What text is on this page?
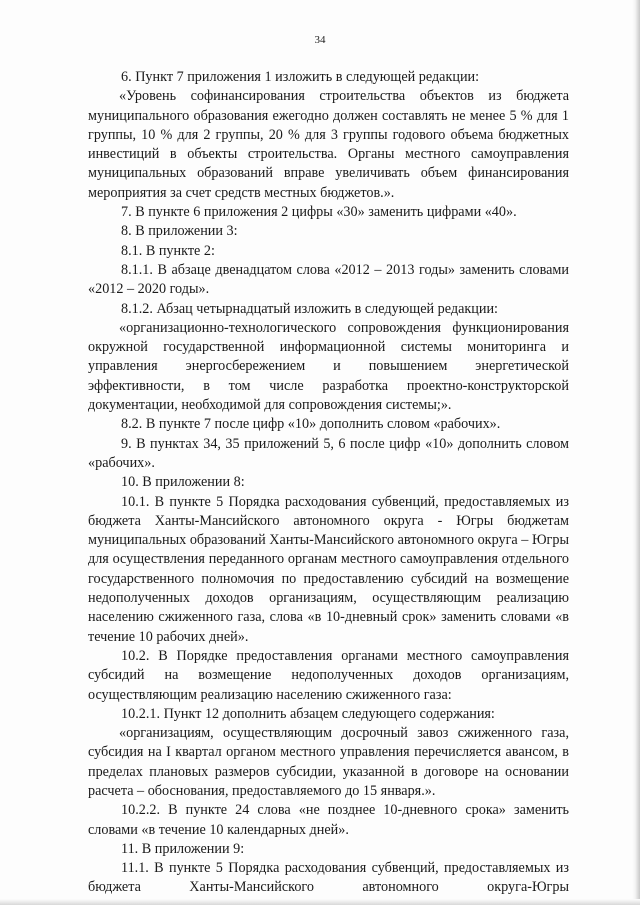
34

6. Пункт 7 приложения 1 изложить в следующей редакции:

«Уровень софинансирования строительства объектов из бюджета муниципального образования ежегодно должен составлять не менее 5 % для 1 группы, 10 % для 2 группы, 20 % для 3 группы годового объема бюджетных инвестиций в объекты строительства. Органы местного самоуправления муниципальных образований вправе увеличивать объем финансирования мероприятия за счет средств местных бюджетов.».

7. В пункте 6 приложения 2 цифры «30» заменить цифрами «40».

8. В приложении 3:

8.1. В пункте 2:

8.1.1. В абзаце двенадцатом слова «2012 – 2013 годы» заменить словами «2012 – 2020 годы».

8.1.2. Абзац четырнадцатый изложить в следующей редакции:

«организационно-технологического сопровождения функционирования окружной государственной информационной системы мониторинга и управления энергосбережением и повышением энергетической эффективности, в том числе разработка проектно-конструкторской документации, необходимой для сопровождения системы;».

8.2. В пункте 7 после цифр «10» дополнить словом «рабочих».

9. В пунктах 34, 35 приложений 5, 6 после цифр «10» дополнить словом «рабочих».

10. В приложении 8:

10.1. В пункте 5 Порядка расходования субвенций, предоставляемых из бюджета Ханты-Мансийского автономного округа - Югры бюджетам муниципальных образований Ханты-Мансийского автономного округа – Югры для осуществления переданного органам местного самоуправления отдельного государственного полномочия по предоставлению субсидий на возмещение недополученных доходов организациям, осуществляющим реализацию населению сжиженного газа, слова «в 10-дневный срок» заменить словами «в течение 10 рабочих дней».

10.2. В Порядке предоставления органами местного самоуправления субсидий на возмещение недополученных доходов организациям, осуществляющим реализацию населению сжиженного газа:

10.2.1. Пункт 12 дополнить абзацем следующего содержания:

«организациям, осуществляющим досрочный завоз сжиженного газа, субсидия на I квартал органом местного управления перечисляется авансом, в пределах плановых размеров субсидии, указанной в договоре на основании расчета – обоснования, предоставляемого до 15 января.».

10.2.2. В пункте 24 слова «не позднее 10-дневного срока» заменить словами «в течение 10 календарных дней».

11. В приложении 9:

11.1. В пункте 5 Порядка расходования субвенций, предоставляемых из бюджета Ханты-Мансийского автономного округа-Югры
